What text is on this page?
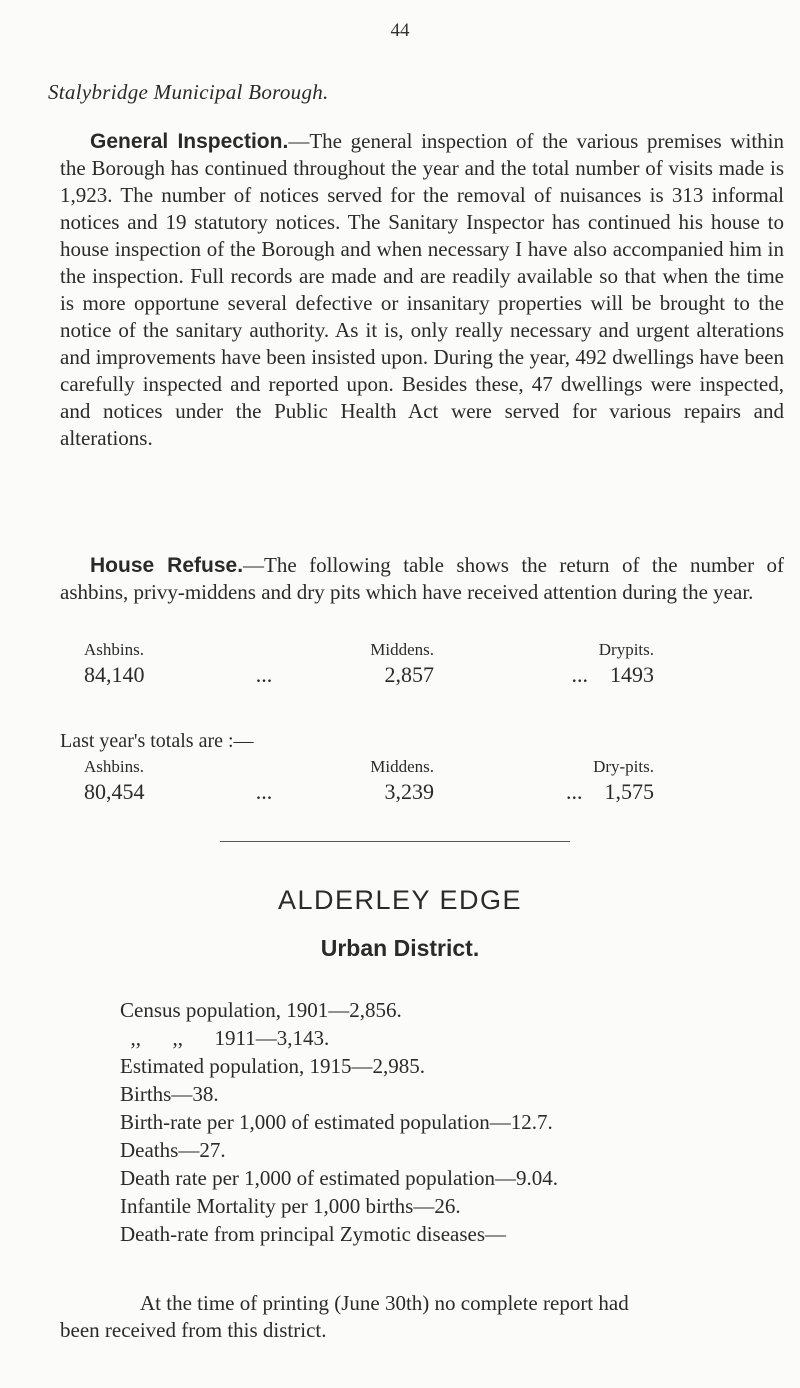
44
Stalybridge Municipal Borough.

General Inspection.—The general inspection of the various premises within the Borough has continued throughout the year and the total number of visits made is 1,923. The number of notices served for the removal of nuisances is 313 informal notices and 19 statutory notices. The Sanitary Inspector has continued his house to house inspection of the Borough and when necessary I have also accompanied him in the inspection. Full records are made and are readily available so that when the time is more opportune several defective or insanitary properties will be brought to the notice of the sanitary authority. As it is, only really necessary and urgent alterations and improvements have been insisted upon. During the year, 492 dwellings have been carefully inspected and reported upon. Besides these, 47 dwellings were inspected, and notices under the Public Health Act were served for various repairs and alterations.

House Refuse.—The following table shows the return of the number of ashbins, privy-middens and dry pits which have received attention during the year.

Ashbins.	Middens.	Drypits.
84,140	...	2,857	... 1493
Last year's totals are :—
Ashbins.	Middens.	Dry-pits.
80,454	...	3,239	... 1,575
ALDERLEY EDGE
Urban District.
Census population, 1901—2,856.
,,      ,,      1911—3,143.
Estimated population, 1915—2,985.
Births—38.
Birth-rate per 1,000 of estimated population—12.7.
Deaths—27.
Death rate per 1,000 of estimated population—9.04.
Infantile Mortality per 1,000 births—26.
Death-rate from principal Zymotic diseases—

At the time of printing (June 30th) no complete report had
been received from this district.
